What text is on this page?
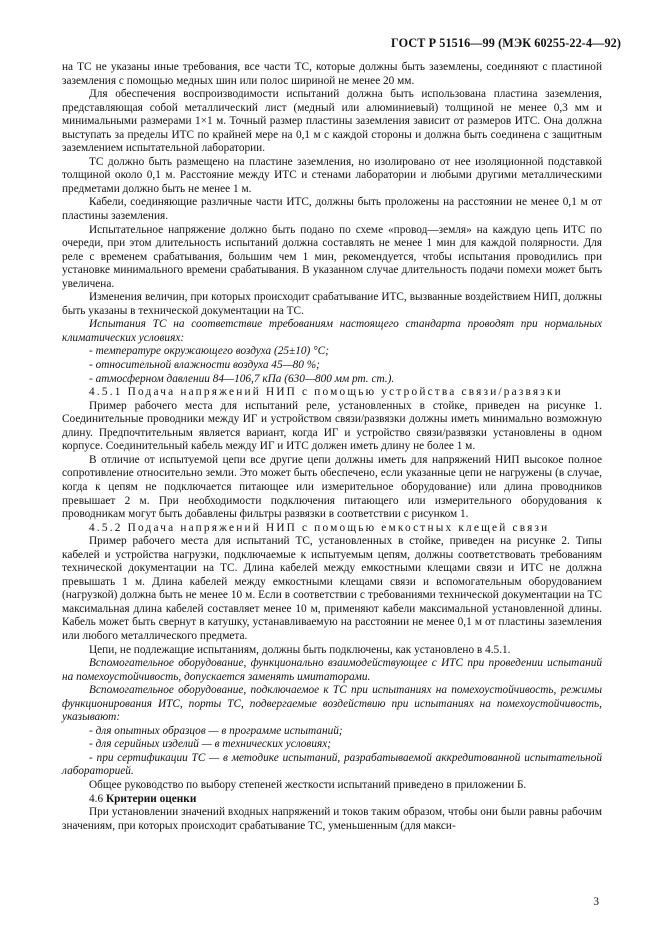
ГОСТ Р 51516—99 (МЭК 60255-22-4—92)

на ТС не указаны иные требования, все части ТС, которые должны быть заземлены, соединяют с пластиной заземления с помощью медных шин или полос шириной не менее 20 мм.

Для обеспечения воспроизводимости испытаний должна быть использована пластина заземления, представляющая собой металлический лист (медный или алюминиевый) толщиной не менее 0,3 мм и минимальными размерами 1×1 м. Точный размер пластины заземления зависит от размеров ИТС. Она должна выступать за пределы ИТС по крайней мере на 0,1 м с каждой стороны и должна быть соединена с защитным заземлением испытательной лаборатории.

ТС должно быть размещено на пластине заземления, но изолировано от нее изоляционной подставкой толщиной около 0,1 м. Расстояние между ИТС и стенами лаборатории и любыми другими металлическими предметами должно быть не менее 1 м.

Кабели, соединяющие различные части ИТС, должны быть проложены на расстоянии не менее 0,1 м от пластины заземления.

Испытательное напряжение должно быть подано по схеме «провод—земля» на каждую цепь ИТС по очереди, при этом длительность испытаний должна составлять не менее 1 мин для каждой полярности. Для реле с временем срабатывания, большим чем 1 мин, рекомендуется, чтобы испытания проводились при установке минимального времени срабатывания. В указанном случае длительность подачи помехи может быть увеличена.

Изменения величин, при которых происходит срабатывание ИТС, вызванные воздействием НИП, должны быть указаны в технической документации на ТС.

Испытания ТС на соответствие требованиям настоящего стандарта проводят при нормальных климатических условиях:

- температуре окружающего воздуха (25±10) °С;

- относительной влажности воздуха 45—80 %;

- атмосферном давлении 84—106,7 кПа (630—800 мм рт. ст.).

4.5.1 Подача напряжений НИП с помощью устройства связи/развязки

Пример рабочего места для испытаний реле, установленных в стойке, приведен на рисунке 1. Соединительные проводники между ИГ и устройством связи/развязки должны иметь минимально возможную длину. Предпочтительным является вариант, когда ИГ и устройство связи/развязки установлены в одном корпусе. Соединительный кабель между ИГ и ИТС должен иметь длину не более 1 м.

В отличие от испытуемой цепи все другие цепи должны иметь для напряжений НИП высокое полное сопротивление относительно земли. Это может быть обеспечено, если указанные цепи не нагружены (в случае, когда к цепям не подключается питающее или измерительное оборудование) или длина проводников превышает 2 м. При необходимости подключения питающего или измерительного оборудования к проводникам могут быть добавлены фильтры развязки в соответствии с рисунком 1.

4.5.2 Подача напряжений НИП с помощью емкостных клещей связи

Пример рабочего места для испытаний ТС, установленных в стойке, приведен на рисунке 2. Типы кабелей и устройства нагрузки, подключаемые к испытуемым цепям, должны соответствовать требованиям технической документации на ТС. Длина кабелей между емкостными клещами связи и ИТС не должна превышать 1 м. Длина кабелей между емкостными клещами связи и вспомогательным оборудованием (нагрузкой) должна быть не менее 10 м. Если в соответствии с требованиями технической документации на ТС максимальная длина кабелей составляет менее 10 м, применяют кабели максимальной установленной длины. Кабель может быть свернут в катушку, устанавливаемую на расстоянии не менее 0,1 м от пластины заземления или любого металлического предмета.

Цепи, не подлежащие испытаниям, должны быть подключены, как установлено в 4.5.1.

Вспомогательное оборудование, функционально взаимодействующее с ИТС при проведении испытаний на помехоустойчивость, допускается заменять имитаторами.

Вспомогательное оборудование, подключаемое к ТС при испытаниях на помехоустойчивость, режимы функционирования ИТС, порты ТС, подвергаемые воздействию при испытаниях на помехоустойчивость, указывают:

- для опытных образцов — в программе испытаний;

- для серийных изделий — в технических условиях;

- при сертификации ТС — в методике испытаний, разрабатываемой аккредитованной испытательной лабораторией.

Общее руководство по выбору степеней жесткости испытаний приведено в приложении Б.

4.6 Критерии оценки

При установлении значений входных напряжений и токов таким образом, чтобы они были равны рабочим значениям, при которых происходит срабатывание ТС, уменьшенным (для макси-

3
